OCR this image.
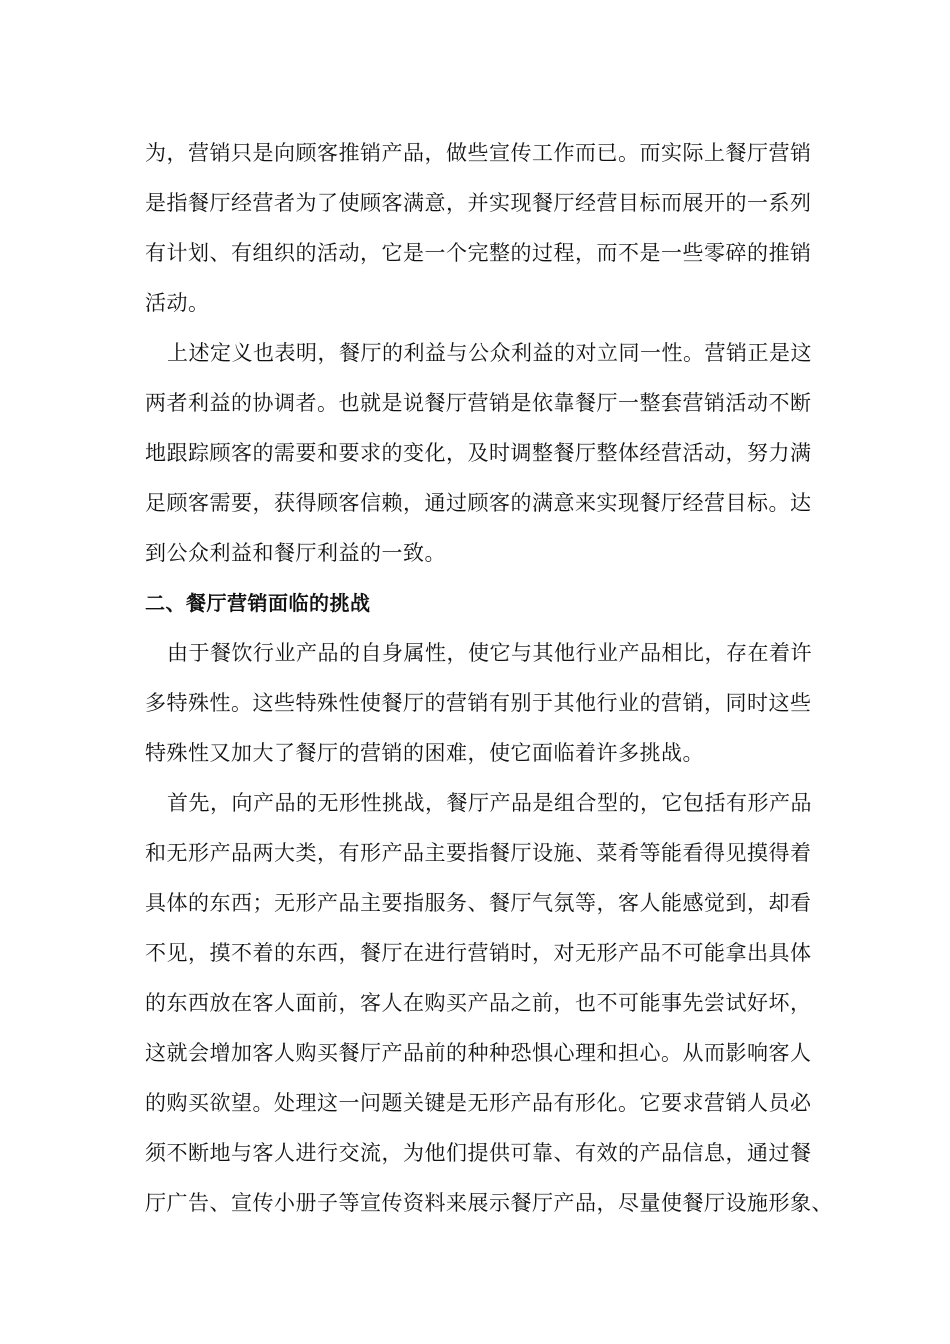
为，营销只是向顾客推销产品，做些宣传工作而已。而实际上餐厅营销
是指餐厅经营者为了使顾客满意，并实现餐厅经营目标而展开的一系列
有计划、有组织的活动，它是一个完整的过程，而不是一些零碎的推销
活动。
上述定义也表明，餐厅的利益与公众利益的对立同一性。营销正是这
两者利益的协调者。也就是说餐厅营销是依靠餐厅一整套营销活动不断
地跟踪顾客的需要和要求的变化，及时调整餐厅整体经营活动，努力满
足顾客需要，获得顾客信赖，通过顾客的满意来实现餐厅经营目标。达
到公众利益和餐厅利益的一致。
二、餐厅营销面临的挑战
由于餐饮行业产品的自身属性，使它与其他行业产品相比，存在着许
多特殊性。这些特殊性使餐厅的营销有别于其他行业的营销，同时这些
特殊性又加大了餐厅的营销的困难，使它面临着许多挑战。
首先，向产品的无形性挑战，餐厅产品是组合型的，它包括有形产品
和无形产品两大类，有形产品主要指餐厅设施、菜肴等能看得见摸得着
具体的东西；无形产品主要指服务、餐厅气氛等，客人能感觉到，却看
不见，摸不着的东西，餐厅在进行营销时，对无形产品不可能拿出具体
的东西放在客人面前，客人在购买产品之前，也不可能事先尝试好坏，
这就会增加客人购买餐厅产品前的种种恐惧心理和担心。从而影响客人
的购买欲望。处理这一问题关键是无形产品有形化。它要求营销人员必
须不断地与客人进行交流，为他们提供可靠、有效的产品信息，通过餐
厅广告、宣传小册子等宣传资料来展示餐厅产品，尽量使餐厅设施形象、
